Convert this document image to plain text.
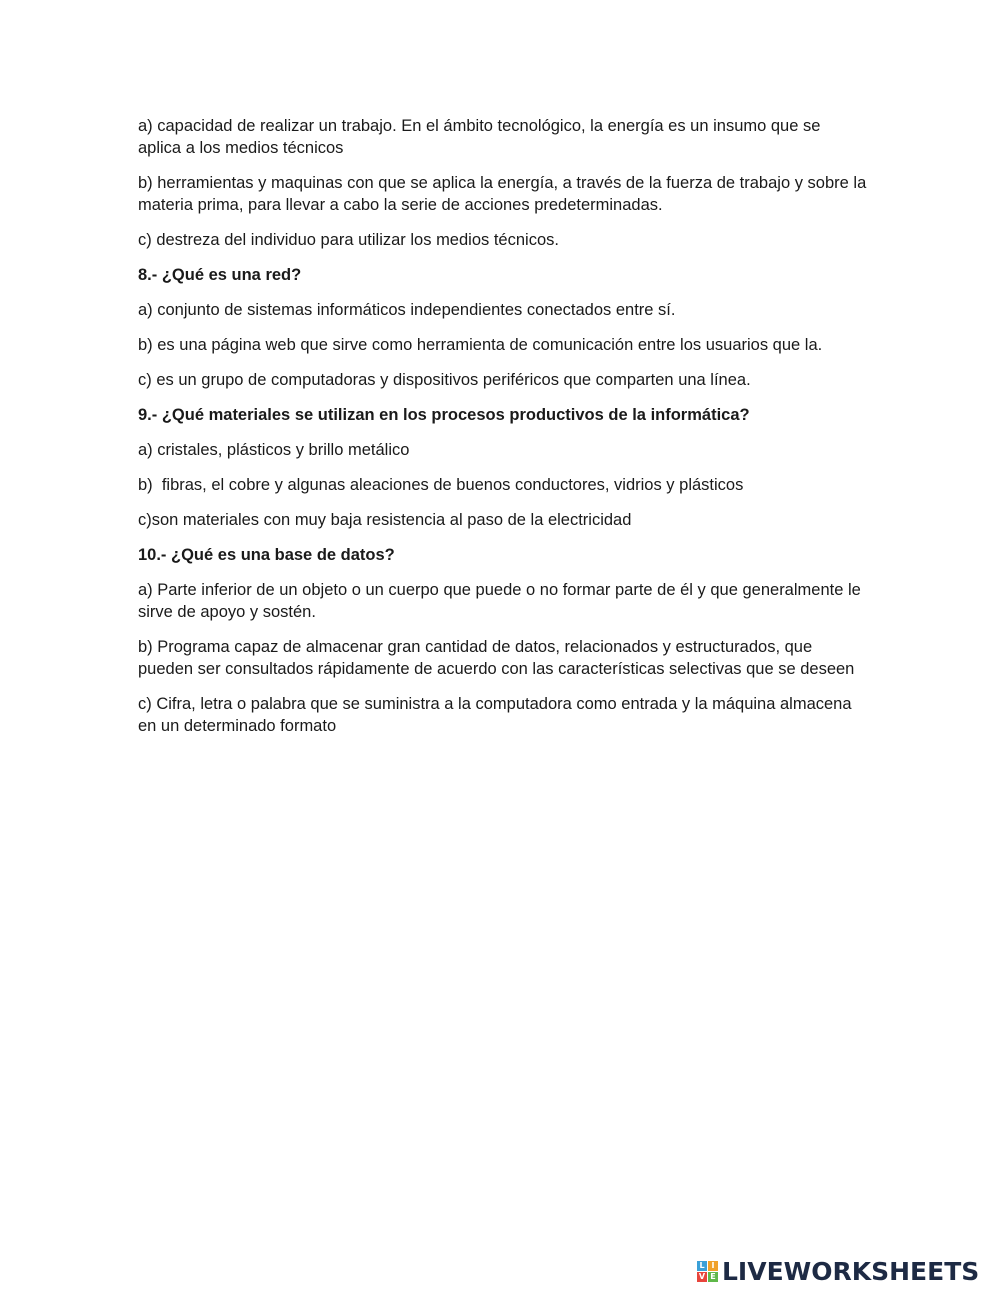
a) capacidad de realizar un trabajo. En el ámbito tecnológico, la energía es un insumo que se aplica a los medios técnicos

b) herramientas y maquinas con que se aplica la energía, a través de la fuerza de trabajo y sobre la materia prima, para llevar a cabo la serie de acciones predeterminadas.

c) destreza del individuo para utilizar los medios técnicos.

8.- ¿Qué es una red?

a) conjunto de sistemas informáticos independientes conectados entre sí.

b) es una página web que sirve como herramienta de comunicación entre los usuarios que la.

c) es un grupo de computadoras y dispositivos periféricos que comparten una línea.

9.- ¿Qué materiales se utilizan en los procesos productivos de la informática?

a) cristales, plásticos y brillo metálico

b)  fibras, el cobre y algunas aleaciones de buenos conductores, vidrios y plásticos

c)son materiales con muy baja resistencia al paso de la electricidad

10.- ¿Qué es una base de datos?

a) Parte inferior de un objeto o un cuerpo que puede o no formar parte de él y que generalmente le sirve de apoyo y sostén.

b) Programa capaz de almacenar gran cantidad de datos, relacionados y estructurados, que pueden ser consultados rápidamente de acuerdo con las características selectivas que se deseen

c) Cifra, letra o palabra que se suministra a la computadora como entrada y la máquina almacena en un determinado formato

L I
V E LIVEWORKSHEETS
